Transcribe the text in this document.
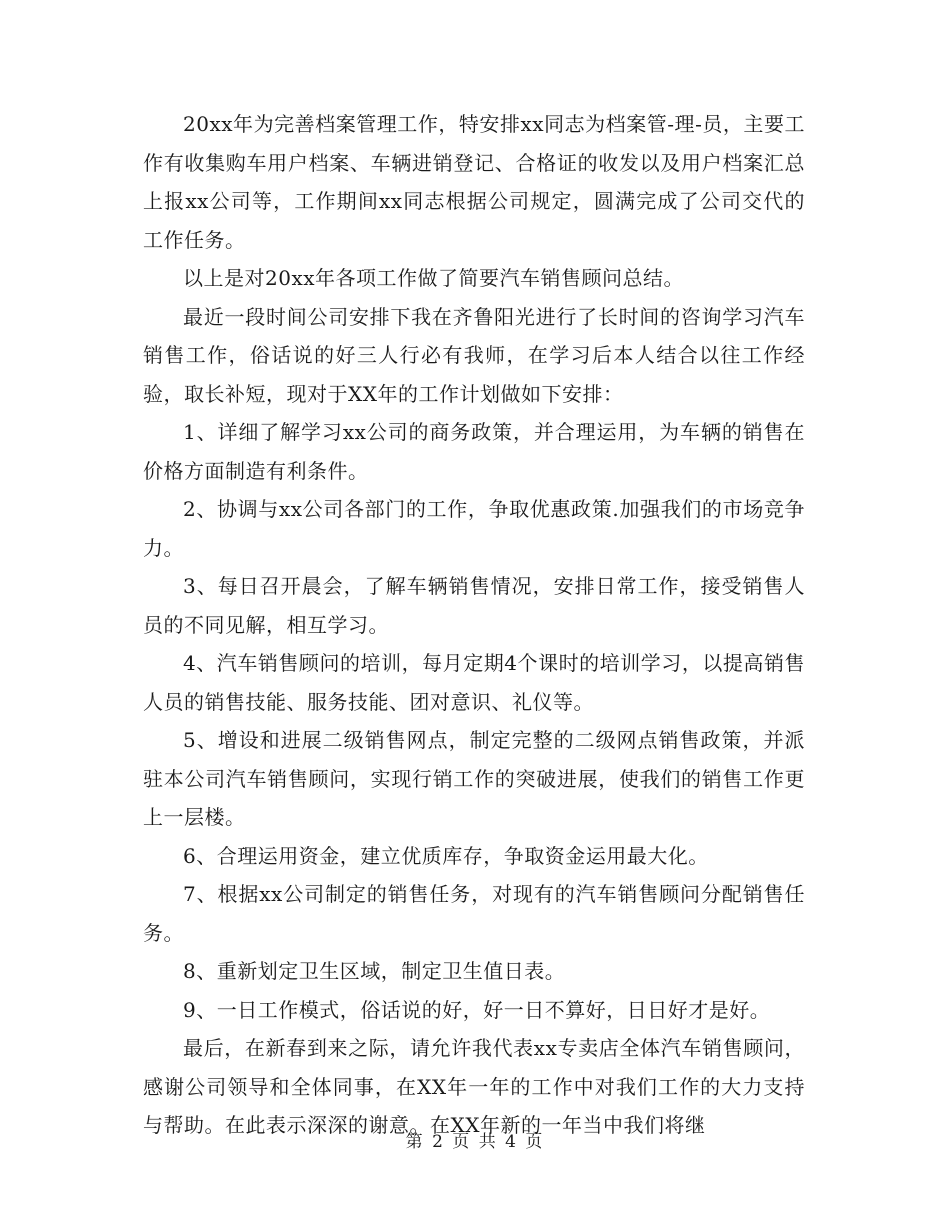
20xx年为完善档案管理工作，特安排xx同志为档案管-理-员，主要工作有收集购车用户档案、车辆进销登记、合格证的收发以及用户档案汇总上报xx公司等，工作期间xx同志根据公司规定，圆满完成了公司交代的工作任务。

以上是对20xx年各项工作做了简要汽车销售顾问总结。

最近一段时间公司安排下我在齐鲁阳光进行了长时间的咨询学习汽车销售工作，俗话说的好三人行必有我师，在学习后本人结合以往工作经验，取长补短，现对于XX年的工作计划做如下安排：

1、详细了解学习xx公司的商务政策，并合理运用，为车辆的销售在价格方面制造有利条件。

2、协调与xx公司各部门的工作，争取优惠政策.加强我们的市场竞争力。

3、每日召开晨会，了解车辆销售情况，安排日常工作，接受销售人员的不同见解，相互学习。

4、汽车销售顾问的培训，每月定期4个课时的培训学习，以提高销售人员的销售技能、服务技能、团对意识、礼仪等。

5、增设和进展二级销售网点，制定完整的二级网点销售政策，并派驻本公司汽车销售顾问，实现行销工作的突破进展，使我们的销售工作更上一层楼。

6、合理运用资金，建立优质库存，争取资金运用最大化。

7、根据xx公司制定的销售任务，对现有的汽车销售顾问分配销售任务。

8、重新划定卫生区域，制定卫生值日表。

9、一日工作模式，俗话说的好，好一日不算好，日日好才是好。

最后，在新春到来之际，请允许我代表xx专卖店全体汽车销售顾问，感谢公司领导和全体同事，在XX年一年的工作中对我们工作的大力支持与帮助。在此表示深深的谢意。在XX年新的一年当中我们将继

第 2 页 共 4 页
